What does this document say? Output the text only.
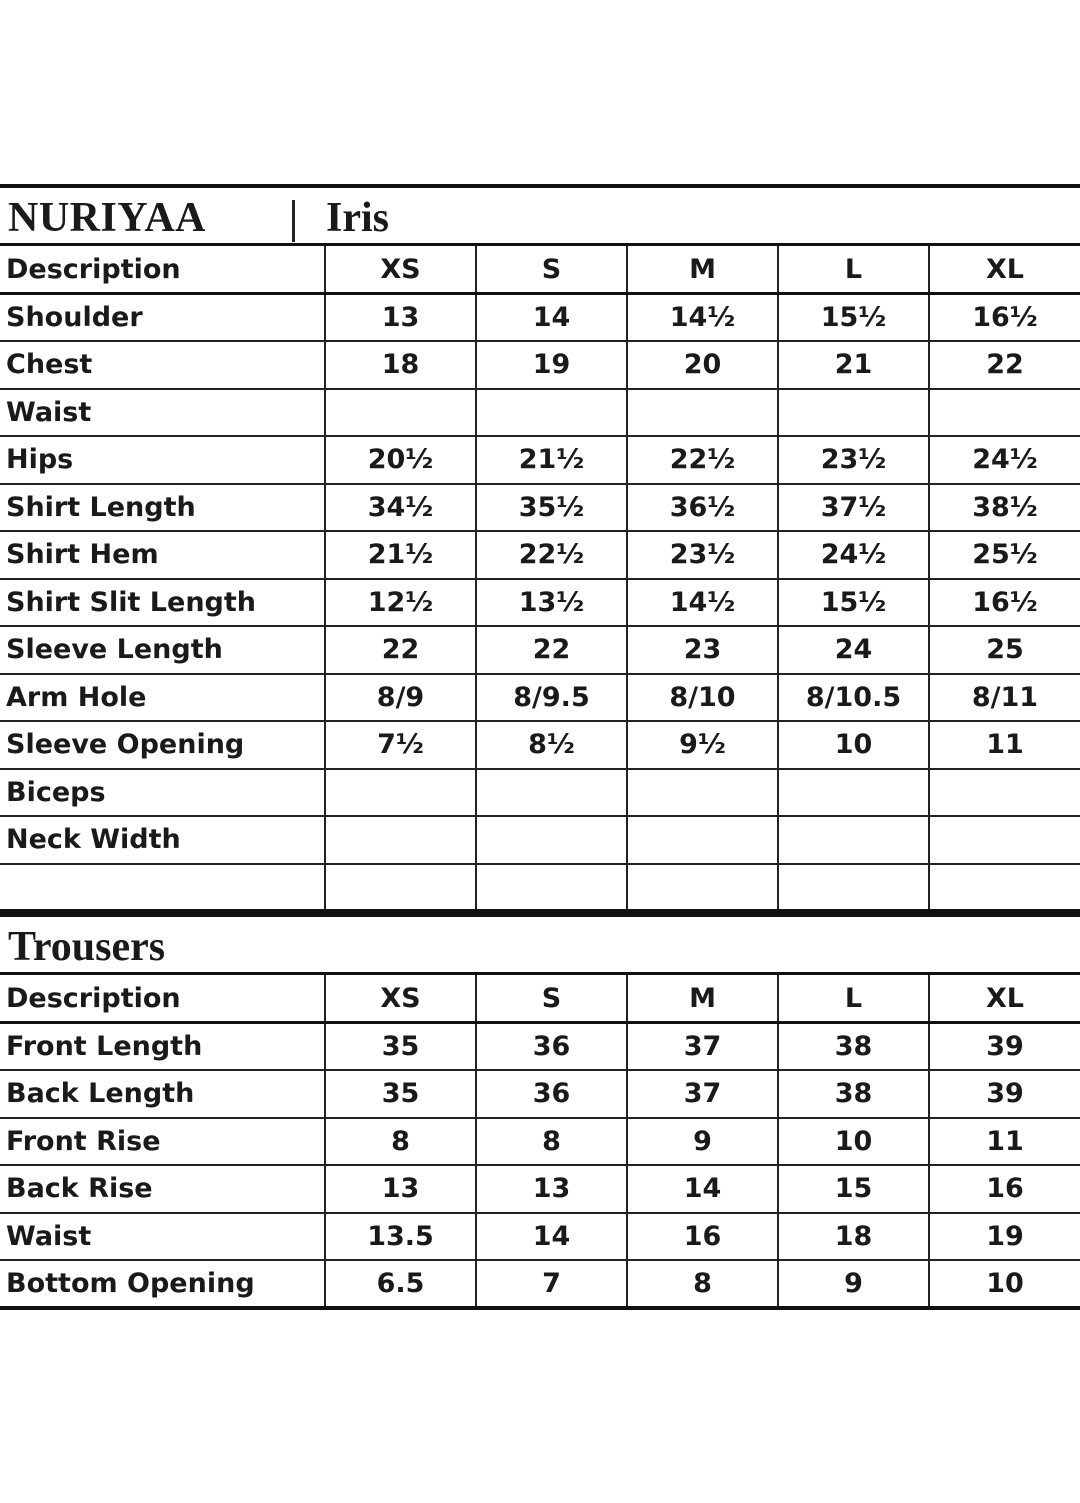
NURIYAA	Iris
Description	XS	S	M	L	XL
Shoulder	13	14	14½	15½	16½
Chest	18	19	20	21	22
Waist					
Hips	20½	21½	22½	23½	24½
Shirt Length	34½	35½	36½	37½	38½
Shirt Hem	21½	22½	23½	24½	25½
Shirt Slit Length	12½	13½	14½	15½	16½
Sleeve Length	22	22	23	24	25
Arm Hole	8/9	8/9.5	8/10	8/10.5	8/11
Sleeve Opening	7½	8½	9½	10	11
Biceps					
Neck Width					

Trousers
Description	XS	S	M	L	XL
Front Length	35	36	37	38	39
Back Length	35	36	37	38	39
Front Rise	8	8	9	10	11
Back Rise	13	13	14	15	16
Waist	13.5	14	16	18	19
Bottom Opening	6.5	7	8	9	10
